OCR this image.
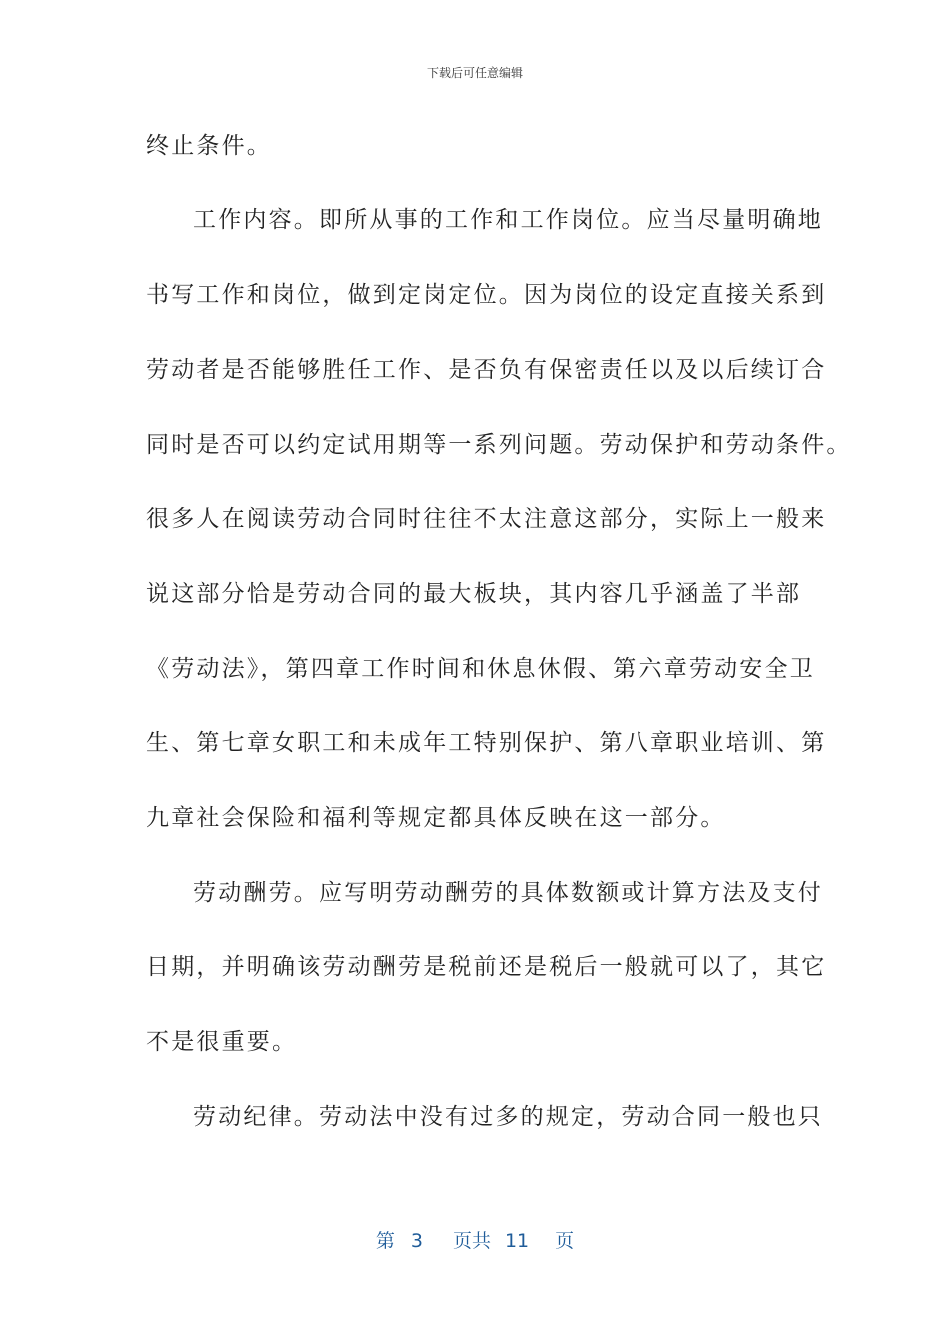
下载后可任意编辑
终止条件。
工作内容。即所从事的工作和工作岗位。应当尽量明确地
书写工作和岗位，做到定岗定位。因为岗位的设定直接关系到
劳动者是否能够胜任工作、是否负有保密责任以及以后续订合
同时是否可以约定试用期等一系列问题。劳动保护和劳动条件。
很多人在阅读劳动合同时往往不太注意这部分，实际上一般来
说这部分恰是劳动合同的最大板块，其内容几乎涵盖了半部
《劳动法》，第四章工作时间和休息休假、第六章劳动安全卫
生、第七章女职工和未成年工特别保护、第八章职业培训、第
九章社会保险和福利等规定都具体反映在这一部分。
劳动酬劳。应写明劳动酬劳的具体数额或计算方法及支付
日期，并明确该劳动酬劳是税前还是税后一般就可以了，其它
不是很重要。
劳动纪律。劳动法中没有过多的规定，劳动合同一般也只
第 3 页共 11 页
